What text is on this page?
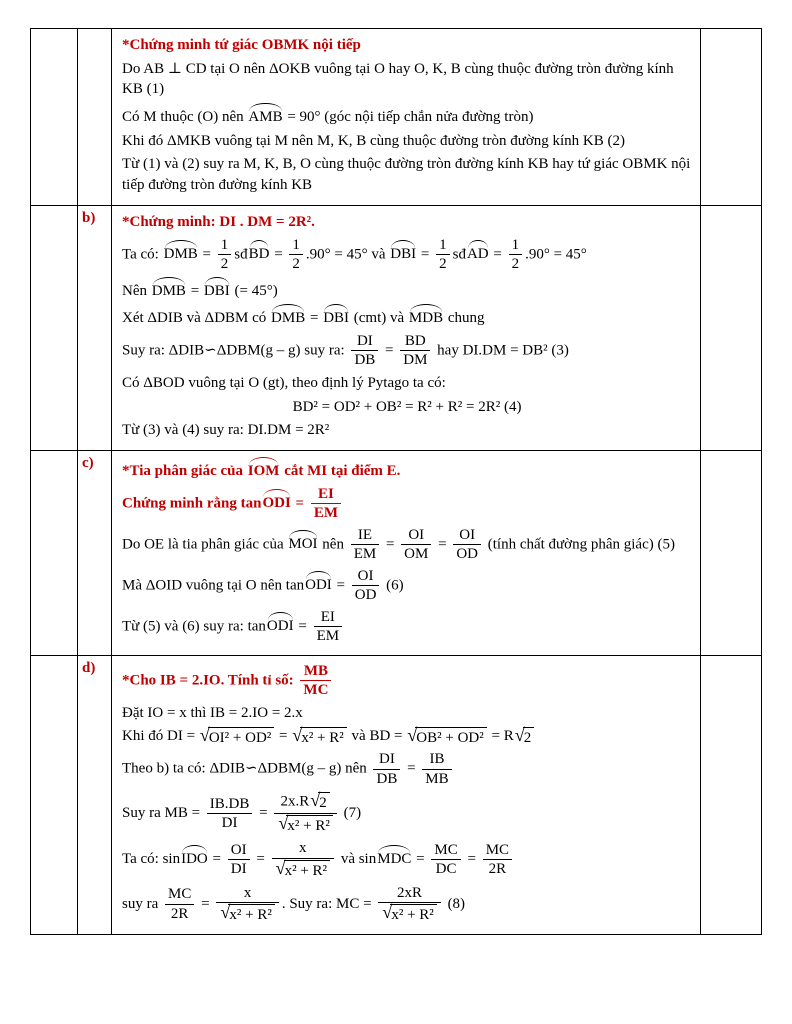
		*Chứng minh tứ giác OBMK nội tiếp
Do AB ⊥ CD tại O nên ΔOKB vuông tại O hay O, K, B cùng thuộc đường tròn đường kính KB (1)
Có M thuộc (O) nên AMB = 90° (góc nội tiếp chắn nửa đường tròn)
Khi đó ΔMKB vuông tại M nên M, K, B cùng thuộc đường tròn đường kính KB (2)
Từ (1) và (2) suy ra M, K, B, O cùng thuộc đường tròn đường kính KB hay tứ giác OBMK nội tiếp đường tròn đường kính KB	

	b)	*Chứng minh: DI . DM = 2R².
Ta có: DMB = $\frac{1}{2}$ sđBD = $\frac{1}{2} .90^\circ = 45^\circ$ và DBI = $\frac{1}{2}$ sđAD = $\frac{1}{2} .90^\circ = 45^\circ$
Nên DMB = DBI (= 45°)
Xét ΔDIB và ΔDBM có DMB = DBI (cmt) và MDB chung
Suy ra: ΔDIB∽ΔDBM(g – g) suy ra: $\frac{DI}{DB} = \frac{BD}{DM}$ hay DI.DM = DB² (3)
Có ΔBOD vuông tại O (gt), theo định lý Pytago ta có:
BD² = OD² + OB² = R² + R² = 2R² (4)
Từ (3) và (4) suy ra: DI.DM = 2R²

	c)	*Tia phân giác của IOM cắt MI tại điểm E.
Chứng minh rằng tanODI = $\frac{EI}{EM}$
Do OE là tia phân giác của MOI nên $\frac{IE}{EM} = \frac{OI}{OM} = \frac{OI}{OD}$ (tính chất đường phân giác) (5)
Mà ΔOID vuông tại O nên tanODI = $\frac{OI}{OD} (6)$
Từ (5) và (6) suy ra: tanODI = $\frac{EI}{EM}$

	d)	
*Cho IB = 2.IO. Tính tỉ số: $\frac{MB}{MC}$
Đặt IO = x thì IB = 2.IO = 2.x
Khi đó DI = √ OI² + OD² = √ x² + R² và BD = √ OB² + OD² = R √ 2
Theo b) ta có: ΔDIB∽ΔDBM(g – g) nên $\frac{DI}{DB} = \frac{IB}{MB}$
Suy ra MB = $\frac{IB.DB}{DI} = \frac{2x.R √ 2}{\text{√ x² + R²}} (7)$
Ta có: sinIDO = $\frac{OI}{DI} = \frac{x}{\text{√ x² + R²}}$ và sinMDC = $\frac{MC}{DC} = \frac{MC}{2R}$
suy ra $\frac{MC}{2R} = \frac{x}{\text{√ x² + R²}}$ . Suy ra: MC = $\frac{2xR}{\text{√ x² + R²}} (8)$
